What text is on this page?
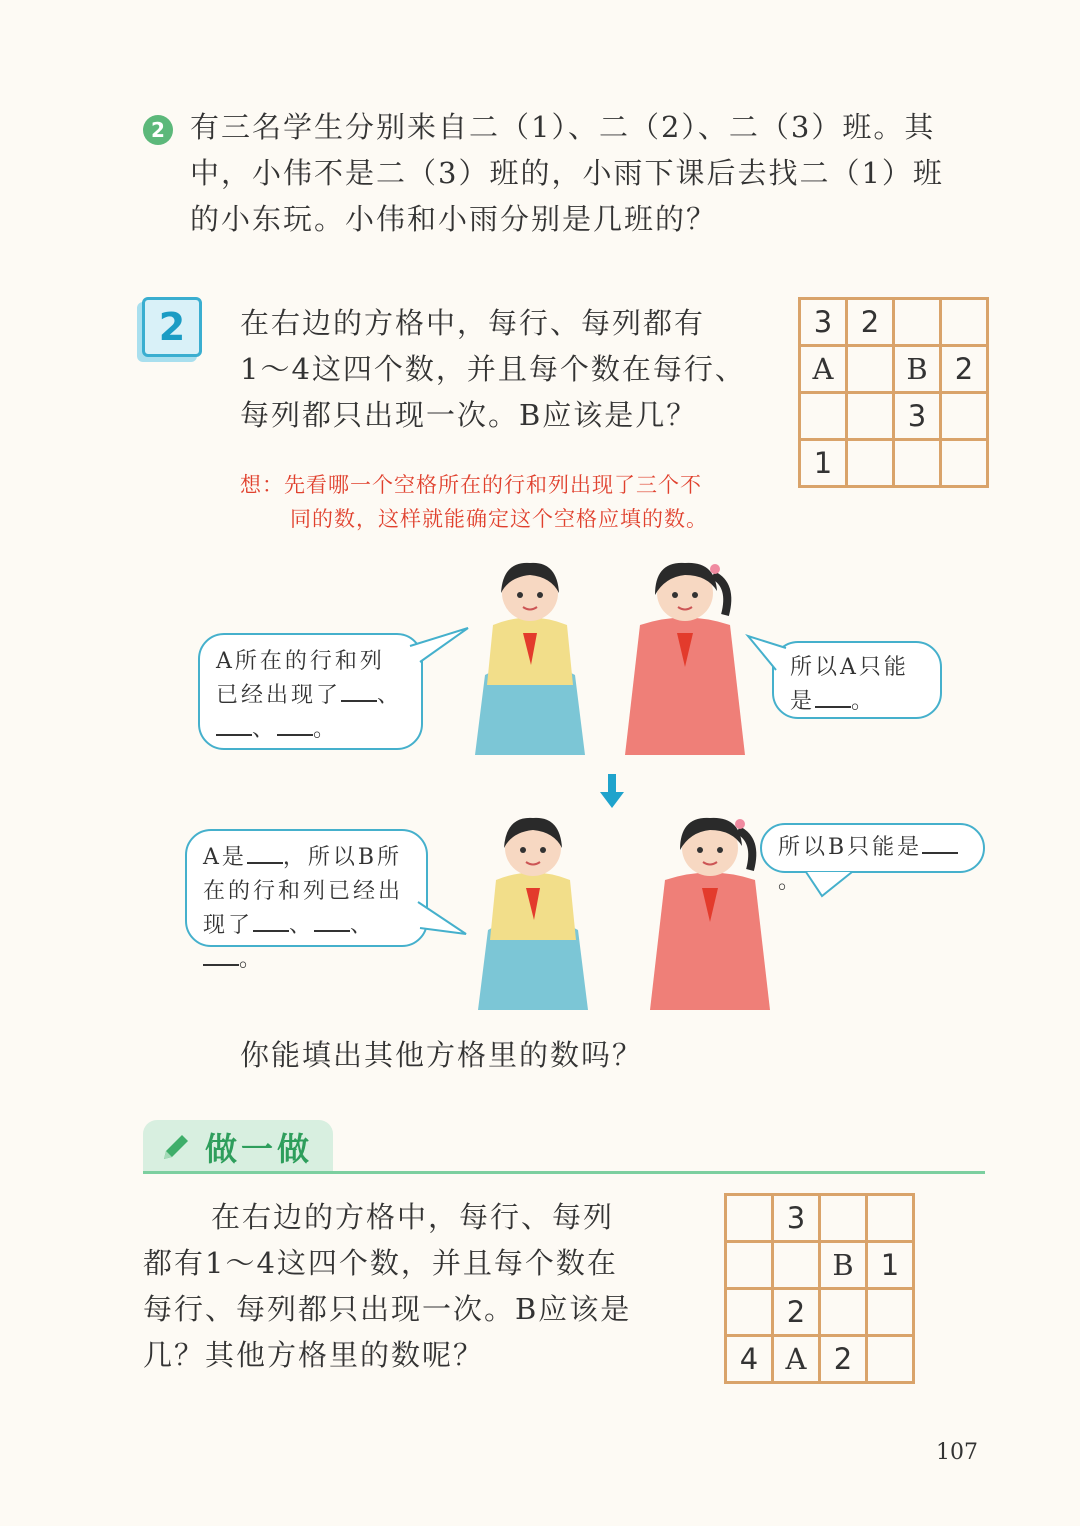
2 有三名学生分别来自二（1）、二（2）、二（3）班。其
中，小伟不是二（3）班的，小雨下课后去找二（1）班
的小东玩。小伟和小雨分别是几班的？
2	在右边的方格中，每行、每列都有
1～4这四个数，并且每个数在每行、
每列都只出现一次。B应该是几？
3	2		
A		B	2
		3	
1			
想：先看哪一个空格所在的行和列出现了三个不
同的数，这样就能确定这个空格应填的数。
A所在的行和列
已经出现了 、
、 。
所以A只能
是 。
A是 ，所以B所
在的行和列已经出
现了 、 、。
所以B只能是。
你能填出其他方格里的数吗？
做一做
在右边的方格中，每行、每列
都有1～4这四个数，并且每个数在
每行、每列都只出现一次。B应该是
几？其他方格里的数呢？
	3		
		B	1
	2		
4	A	2	
107
